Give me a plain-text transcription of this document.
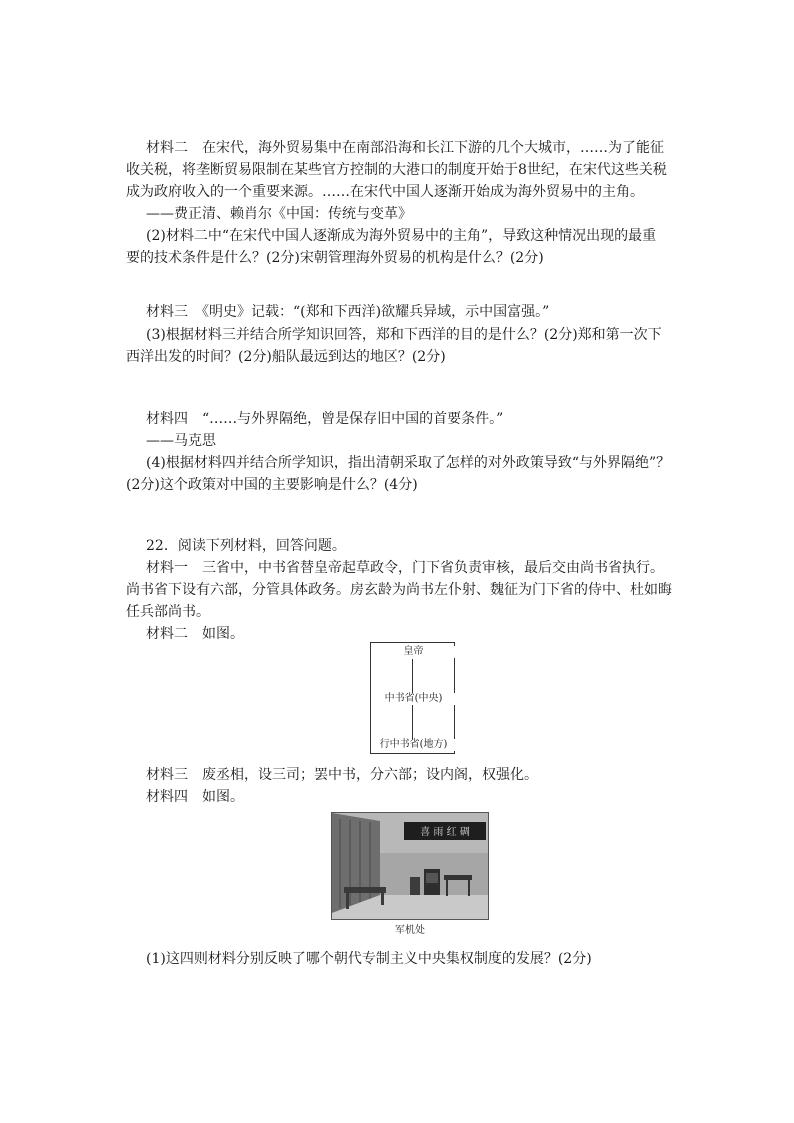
材料二　在宋代，海外贸易集中在南部沿海和长江下游的几个大城市，……为了能征

收关税，将垄断贸易限制在某些官方控制的大港口的制度开始于8世纪，在宋代这些关税

成为政府收入的一个重要来源。……在宋代中国人逐渐开始成为海外贸易中的主角。

——费正清、赖肖尔《中国：传统与变革》

(2)材料二中“在宋代中国人逐渐成为海外贸易中的主角”，导致这种情况出现的最重

要的技术条件是什么？(2分)宋朝管理海外贸易的机构是什么？(2分)

材料三　《明史》记载：“(郑和下西洋)欲耀兵异域，示中国富强。”

(3)根据材料三并结合所学知识回答，郑和下西洋的目的是什么？(2分)郑和第一次下

西洋出发的时间？(2分)船队最远到达的地区？(2分)

材料四　“……与外界隔绝，曾是保存旧中国的首要条件。”

——马克思

(4)根据材料四并结合所学知识，指出清朝采取了怎样的对外政策导致“与外界隔绝”？

(2分)这个政策对中国的主要影响是什么？(4分)

22．阅读下列材料，回答问题。

材料一　三省中，中书省替皇帝起草政令，门下省负责审核，最后交由尚书省执行。

尚书省下设有六部，分管具体政务。房玄龄为尚书左仆射、魏征为门下省的侍中、杜如晦

任兵部尚书。

材料二　如图。

皇帝
中书省(中央)
行中书省(地方)

材料三　废丞相，设三司；罢中书，分六部；设内阁，权强化。

材料四　如图。

喜 雨 红 碉
军机处

(1)这四则材料分别反映了哪个朝代专制主义中央集权制度的发展？(2分)
